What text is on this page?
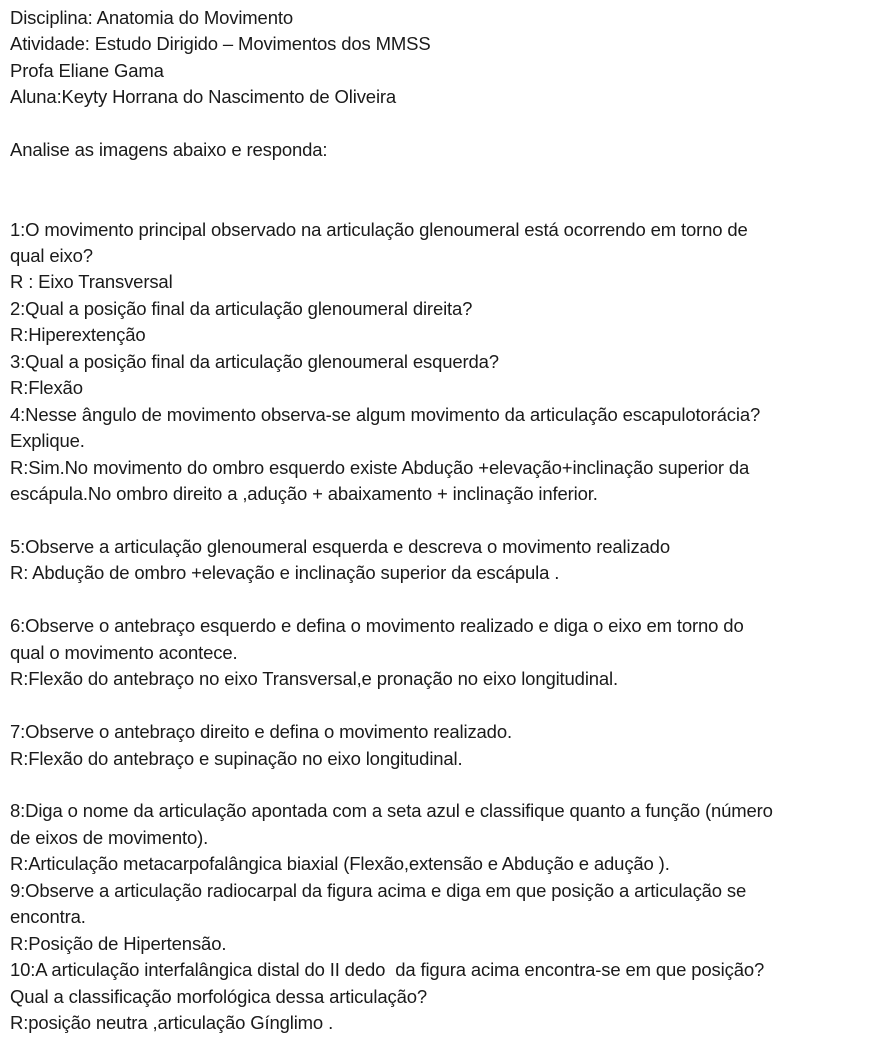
Disciplina: Anatomia do Movimento
Atividade: Estudo Dirigido – Movimentos dos MMSS
Profa Eliane Gama
Aluna:Keyty Horrana do Nascimento de Oliveira
Analise as imagens abaixo e responda:
1:O movimento principal observado na articulação glenoumeral está ocorrendo em torno de
qual eixo?
R : Eixo Transversal
2:Qual a posição final da articulação glenoumeral direita?
R:Hiperextenção
3:Qual a posição final da articulação glenoumeral esquerda?
R:Flexão
4:Nesse ângulo de movimento observa-se algum movimento da articulação escapulotorácia?
Explique.
R:Sim.No movimento do ombro esquerdo existe Abdução +elevação+inclinação superior da
escápula.No ombro direito a ,adução + abaixamento + inclinação inferior.
5:Observe a articulação glenoumeral esquerda e descreva o movimento realizado
R: Abdução de ombro +elevação e inclinação superior da escápula .
6:Observe o antebraço esquerdo e defina o movimento realizado e diga o eixo em torno do
qual o movimento acontece.
R:Flexão do antebraço no eixo Transversal,e pronação no eixo longitudinal.
7:Observe o antebraço direito e defina o movimento realizado.
R:Flexão do antebraço e supinação no eixo longitudinal.
8:Diga o nome da articulação apontada com a seta azul e classifique quanto a função (número
de eixos de movimento).
R:Articulação metacarpofalângica biaxial (Flexão,extensão e Abdução e adução ).
9:Observe a articulação radiocarpal da figura acima e diga em que posição a articulação se
encontra.
R:Posição de Hipertensão.
10:A articulação interfalângica distal do II dedo  da figura acima encontra-se em que posição?
Qual a classificação morfológica dessa articulação?
R:posição neutra ,articulação Gínglimo .
